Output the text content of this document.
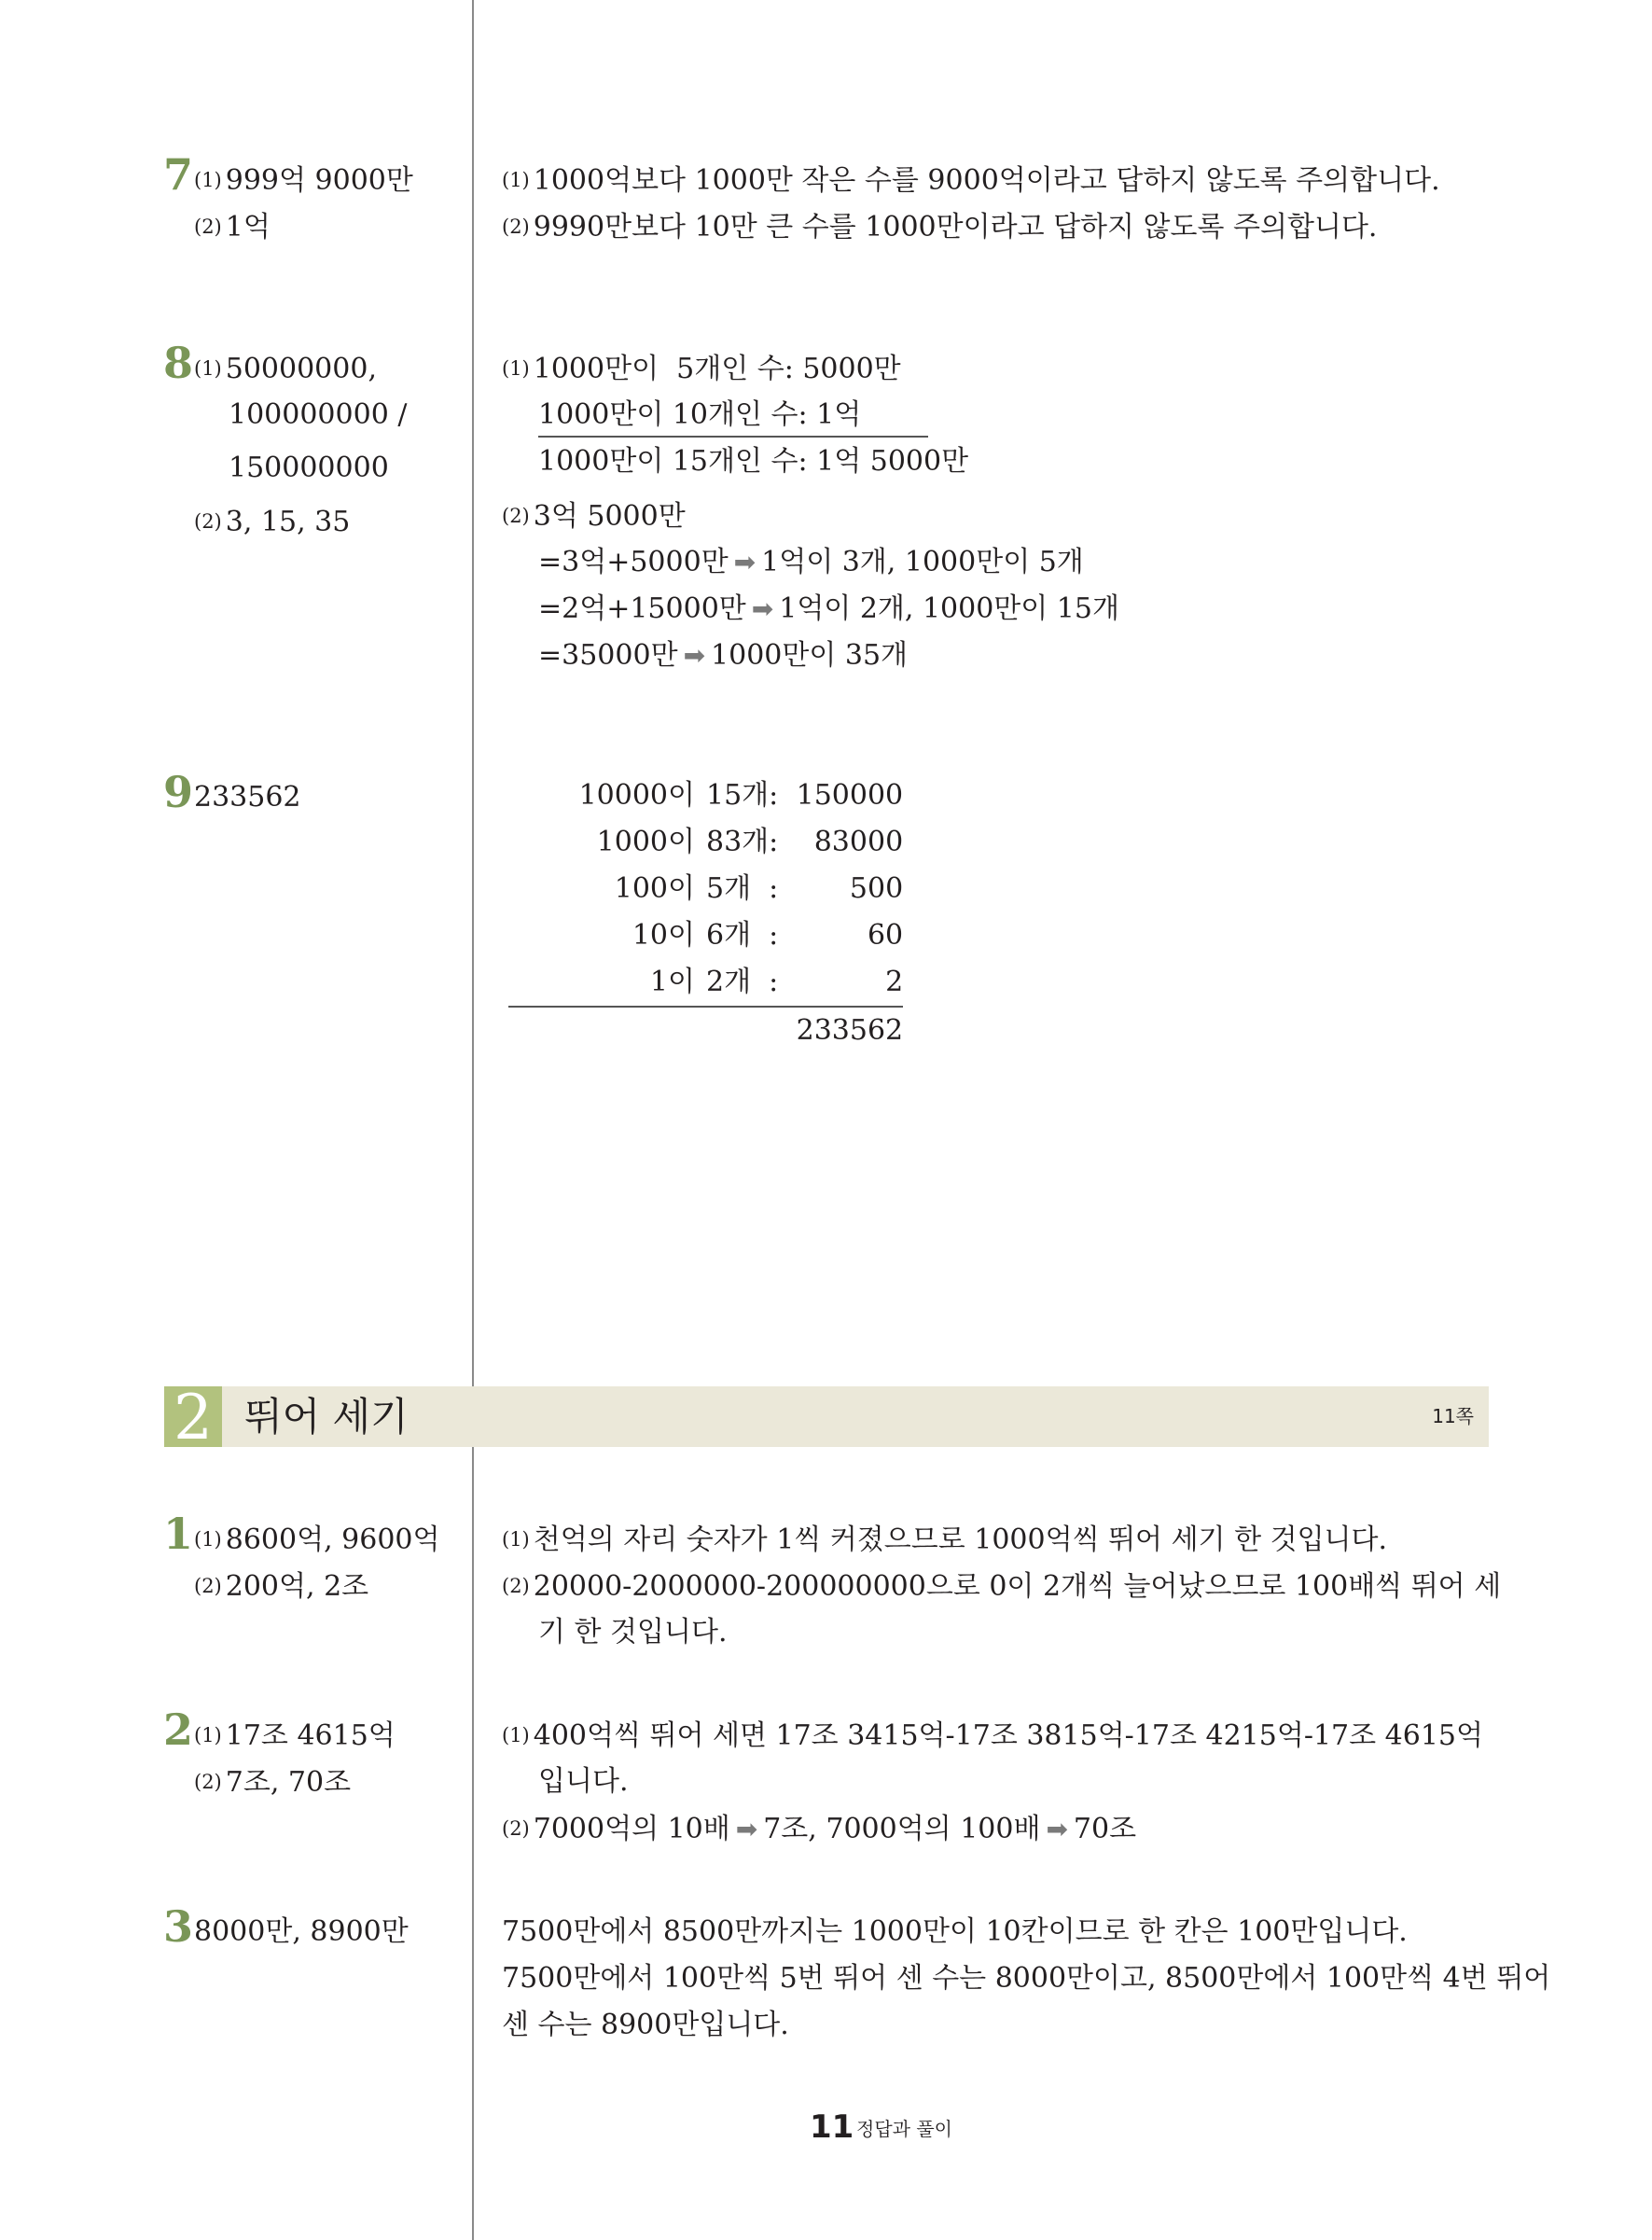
7 (1) 999억 9000만
(2) 1억
(1) 1000억보다 1000만 작은 수를 9000억이라고 답하지 않도록 주의합니다.
(2) 9990만보다 10만 큰 수를 1000만이라고 답하지 않도록 주의합니다.
8 (1) 50000000,
100000000 /
150000000
(2) 3, 15, 35
(1) 1000만이  5개인 수: 5000만
1000만이 10개인 수: 1억
1000만이 15개인 수: 1억 5000만
(2) 3억 5000만
=3억+5000만 ➡ 1억이 3개, 1000만이 5개
=2억+15000만 ➡ 1억이 2개, 1000만이 15개
=35000만 ➡ 1000만이 35개
9 233562	10000이	15개	:	150000
1000이	83개	:	83000
100이	5개	:	500
10이	6개	:	60
1이	2개	:	2
			233562
2 뛰어 세기	11쪽
1 (1) 8600억, 9600억
(2) 200억, 2조
(1) 천억의 자리 숫자가 1씩 커졌으므로 1000억씩 뛰어 세기 한 것입니다.
(2) 20000-2000000-200000000으로 0이 2개씩 늘어났으므로 100배씩 뛰어 세
기 한 것입니다.
2 (1) 17조 4615억
(2) 7조, 70조
(1) 400억씩 뛰어 세면 17조 3415억-17조 3815억-17조 4215억-17조 4615억
입니다.
(2) 7000억의 10배 ➡ 7조, 7000억의 100배 ➡ 70조
3 8000만, 8900만	7500만에서 8500만까지는 1000만이 10칸이므로 한 칸은 100만입니다.
7500만에서 100만씩 5번 뛰어 센 수는 8000만이고, 8500만에서 100만씩 4번 뛰어
센 수는 8900만입니다.
11 정답과 풀이
